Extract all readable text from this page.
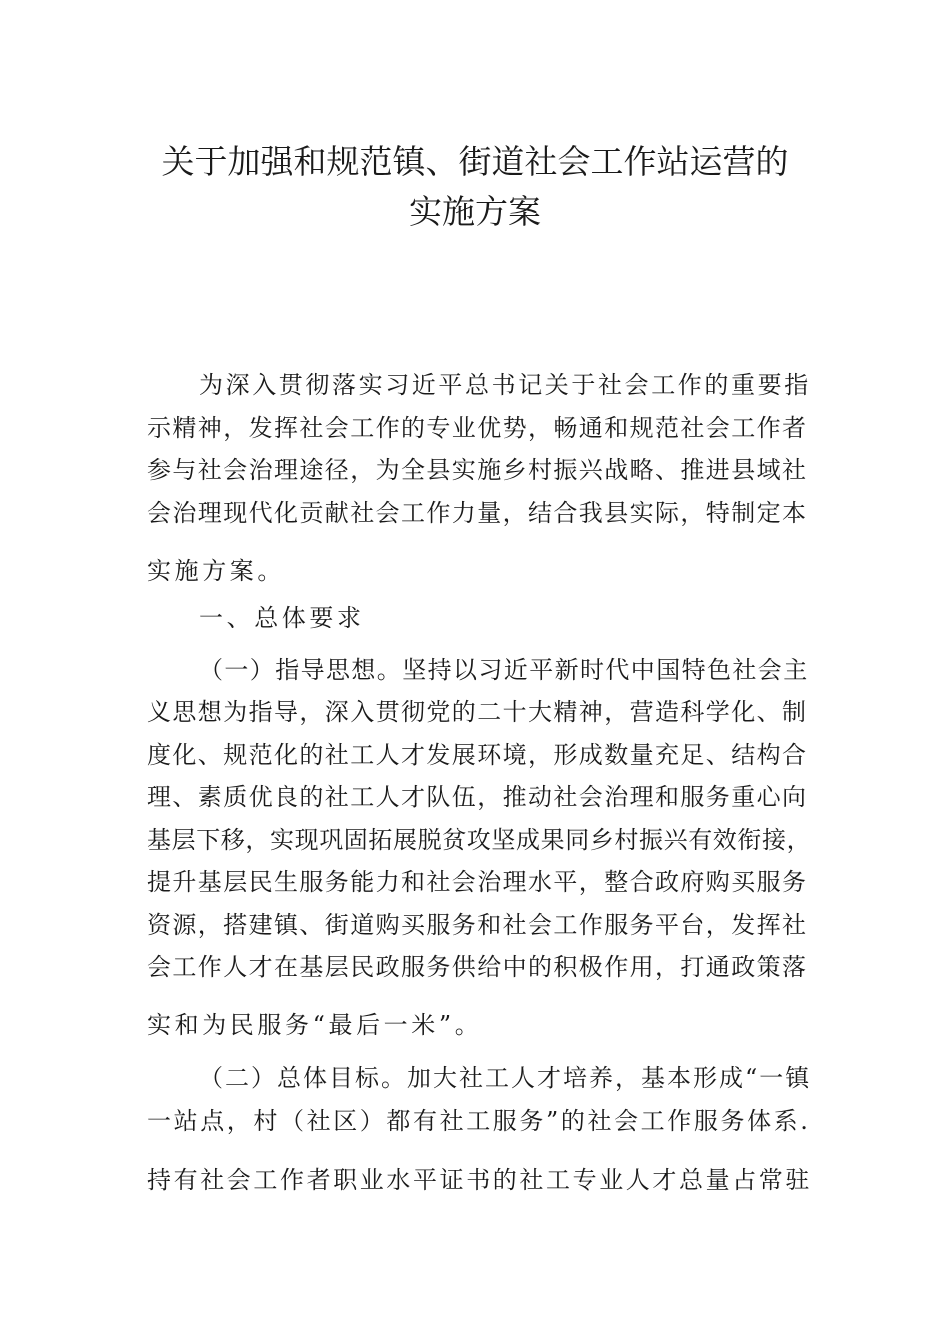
关于加强和规范镇、街道社会工作站运营的
实施方案

为深入贯彻落实习近平总书记关于社会工作的重要指

示精神，发挥社会工作的专业优势，畅通和规范社会工作者

参与社会治理途径，为全县实施乡村振兴战略、推进县域社

会治理现代化贡献社会工作力量，结合我县实际，特制定本

实施方案。

一、总体要求

（一）指导思想。坚持以习近平新时代中国特色社会主

义思想为指导，深入贯彻党的二十大精神，营造科学化、制

度化、规范化的社工人才发展环境，形成数量充足、结构合

理、素质优良的社工人才队伍，推动社会治理和服务重心向

基层下移，实现巩固拓展脱贫攻坚成果同乡村振兴有效衔接，

提升基层民生服务能力和社会治理水平，整合政府购买服务

资源，搭建镇、街道购买服务和社会工作服务平台，发挥社

会工作人才在基层民政服务供给中的积极作用，打通政策落

实和为民服务“最后一米”。

（二）总体目标。加大社工人才培养，基本形成“一镇

一站点，村（社区）都有社工服务”的社会工作服务体系.

持有社会工作者职业水平证书的社工专业人才总量占常驻
